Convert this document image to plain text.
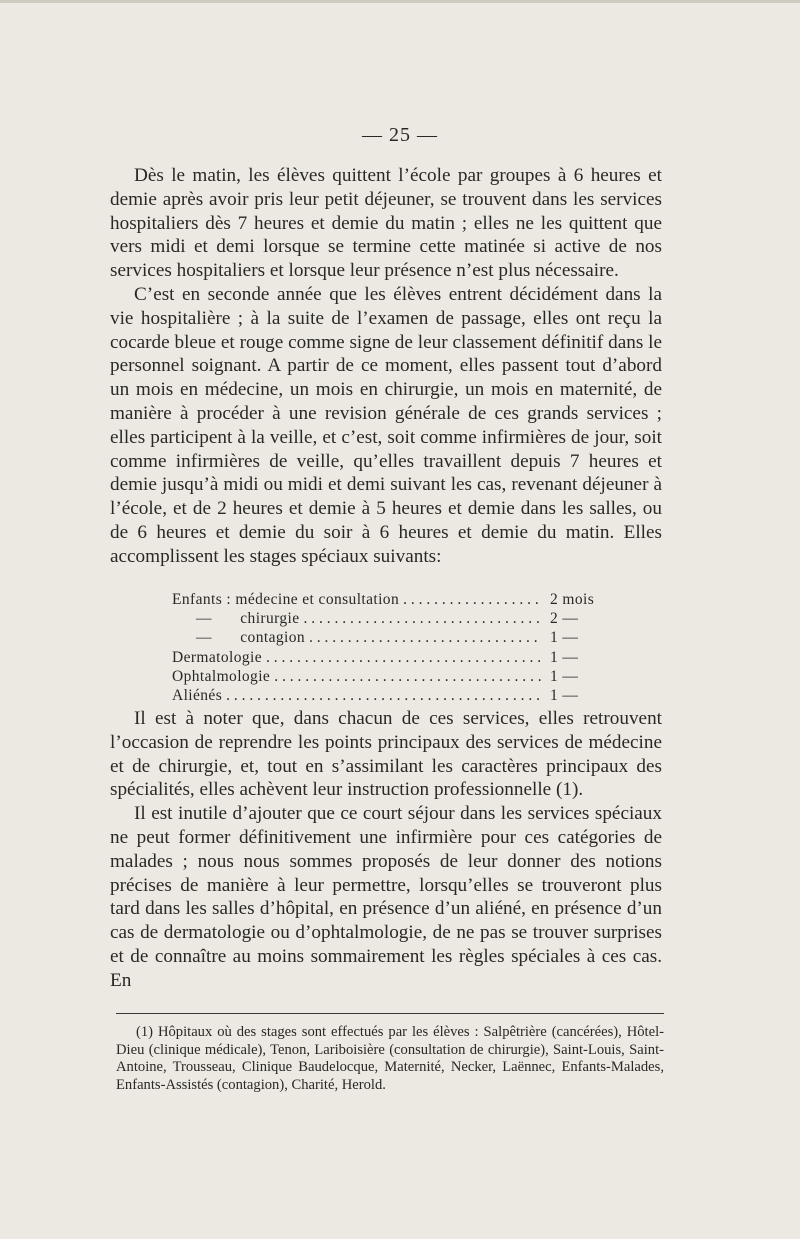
— 25 —

Dès le matin, les élèves quittent l’école par groupes à 6 heures et demie après avoir pris leur petit déjeuner, se trouvent dans les services hospitaliers dès 7 heures et demie du matin ; elles ne les quittent que vers midi et demi lorsque se termine cette matinée si active de nos services hospitaliers et lorsque leur présence n’est plus nécessaire.

C’est en seconde année que les élèves entrent décidément dans la vie hospitalière ; à la suite de l’examen de passage, elles ont reçu la cocarde bleue et rouge comme signe de leur classement définitif dans le personnel soignant. A partir de ce moment, elles passent tout d’abord un mois en médecine, un mois en chirurgie, un mois en maternité, de manière à procéder à une revision générale de ces grands services ; elles participent à la veille, et c’est, soit comme infirmières de jour, soit comme infirmières de veille, qu’elles travaillent depuis 7 heures et demie jusqu’à midi ou midi et demi suivant les cas, revenant déjeuner à l’école, et de 2 heures et demie à 5 heures et demie dans les salles, ou de 6 heures et demie du soir à 6 heures et demie du matin. Elles accomplissent les stages spéciaux suivants:

Enfants : médecine et consultation . . .	2 mois
— chirurgie . . .	2 —
— contagion . . .	1 —
Dermatologie . . .	1 —
Ophtalmologie . . .	1 —
Aliénés . . .	1 —

Il est à noter que, dans chacun de ces services, elles retrouvent l’occasion de reprendre les points principaux des services de médecine et de chirurgie, et, tout en s’assimilant les caractères principaux des spécialités, elles achèvent leur instruction professionnelle (1).

Il est inutile d’ajouter que ce court séjour dans les services spéciaux ne peut former définitivement une infirmière pour ces catégories de malades ; nous nous sommes proposés de leur donner des notions précises de manière à leur permettre, lorsqu’elles se trouveront plus tard dans les salles d’hôpital, en présence d’un aliéné, en présence d’un cas de dermatologie ou d’ophtalmologie, de ne pas se trouver surprises et de connaître au moins sommairement les règles spéciales à ces cas. En

(1) Hôpitaux où des stages sont effectués par les élèves : Salpêtrière (cancérées), Hôtel-Dieu (clinique médicale), Tenon, Lariboisière (consultation de chirurgie), Saint-Louis, Saint-Antoine, Trousseau, Clinique Baudelocque, Maternité, Necker, Laënnec, Enfants-Malades, Enfants-Assistés (contagion), Charité, Herold.
